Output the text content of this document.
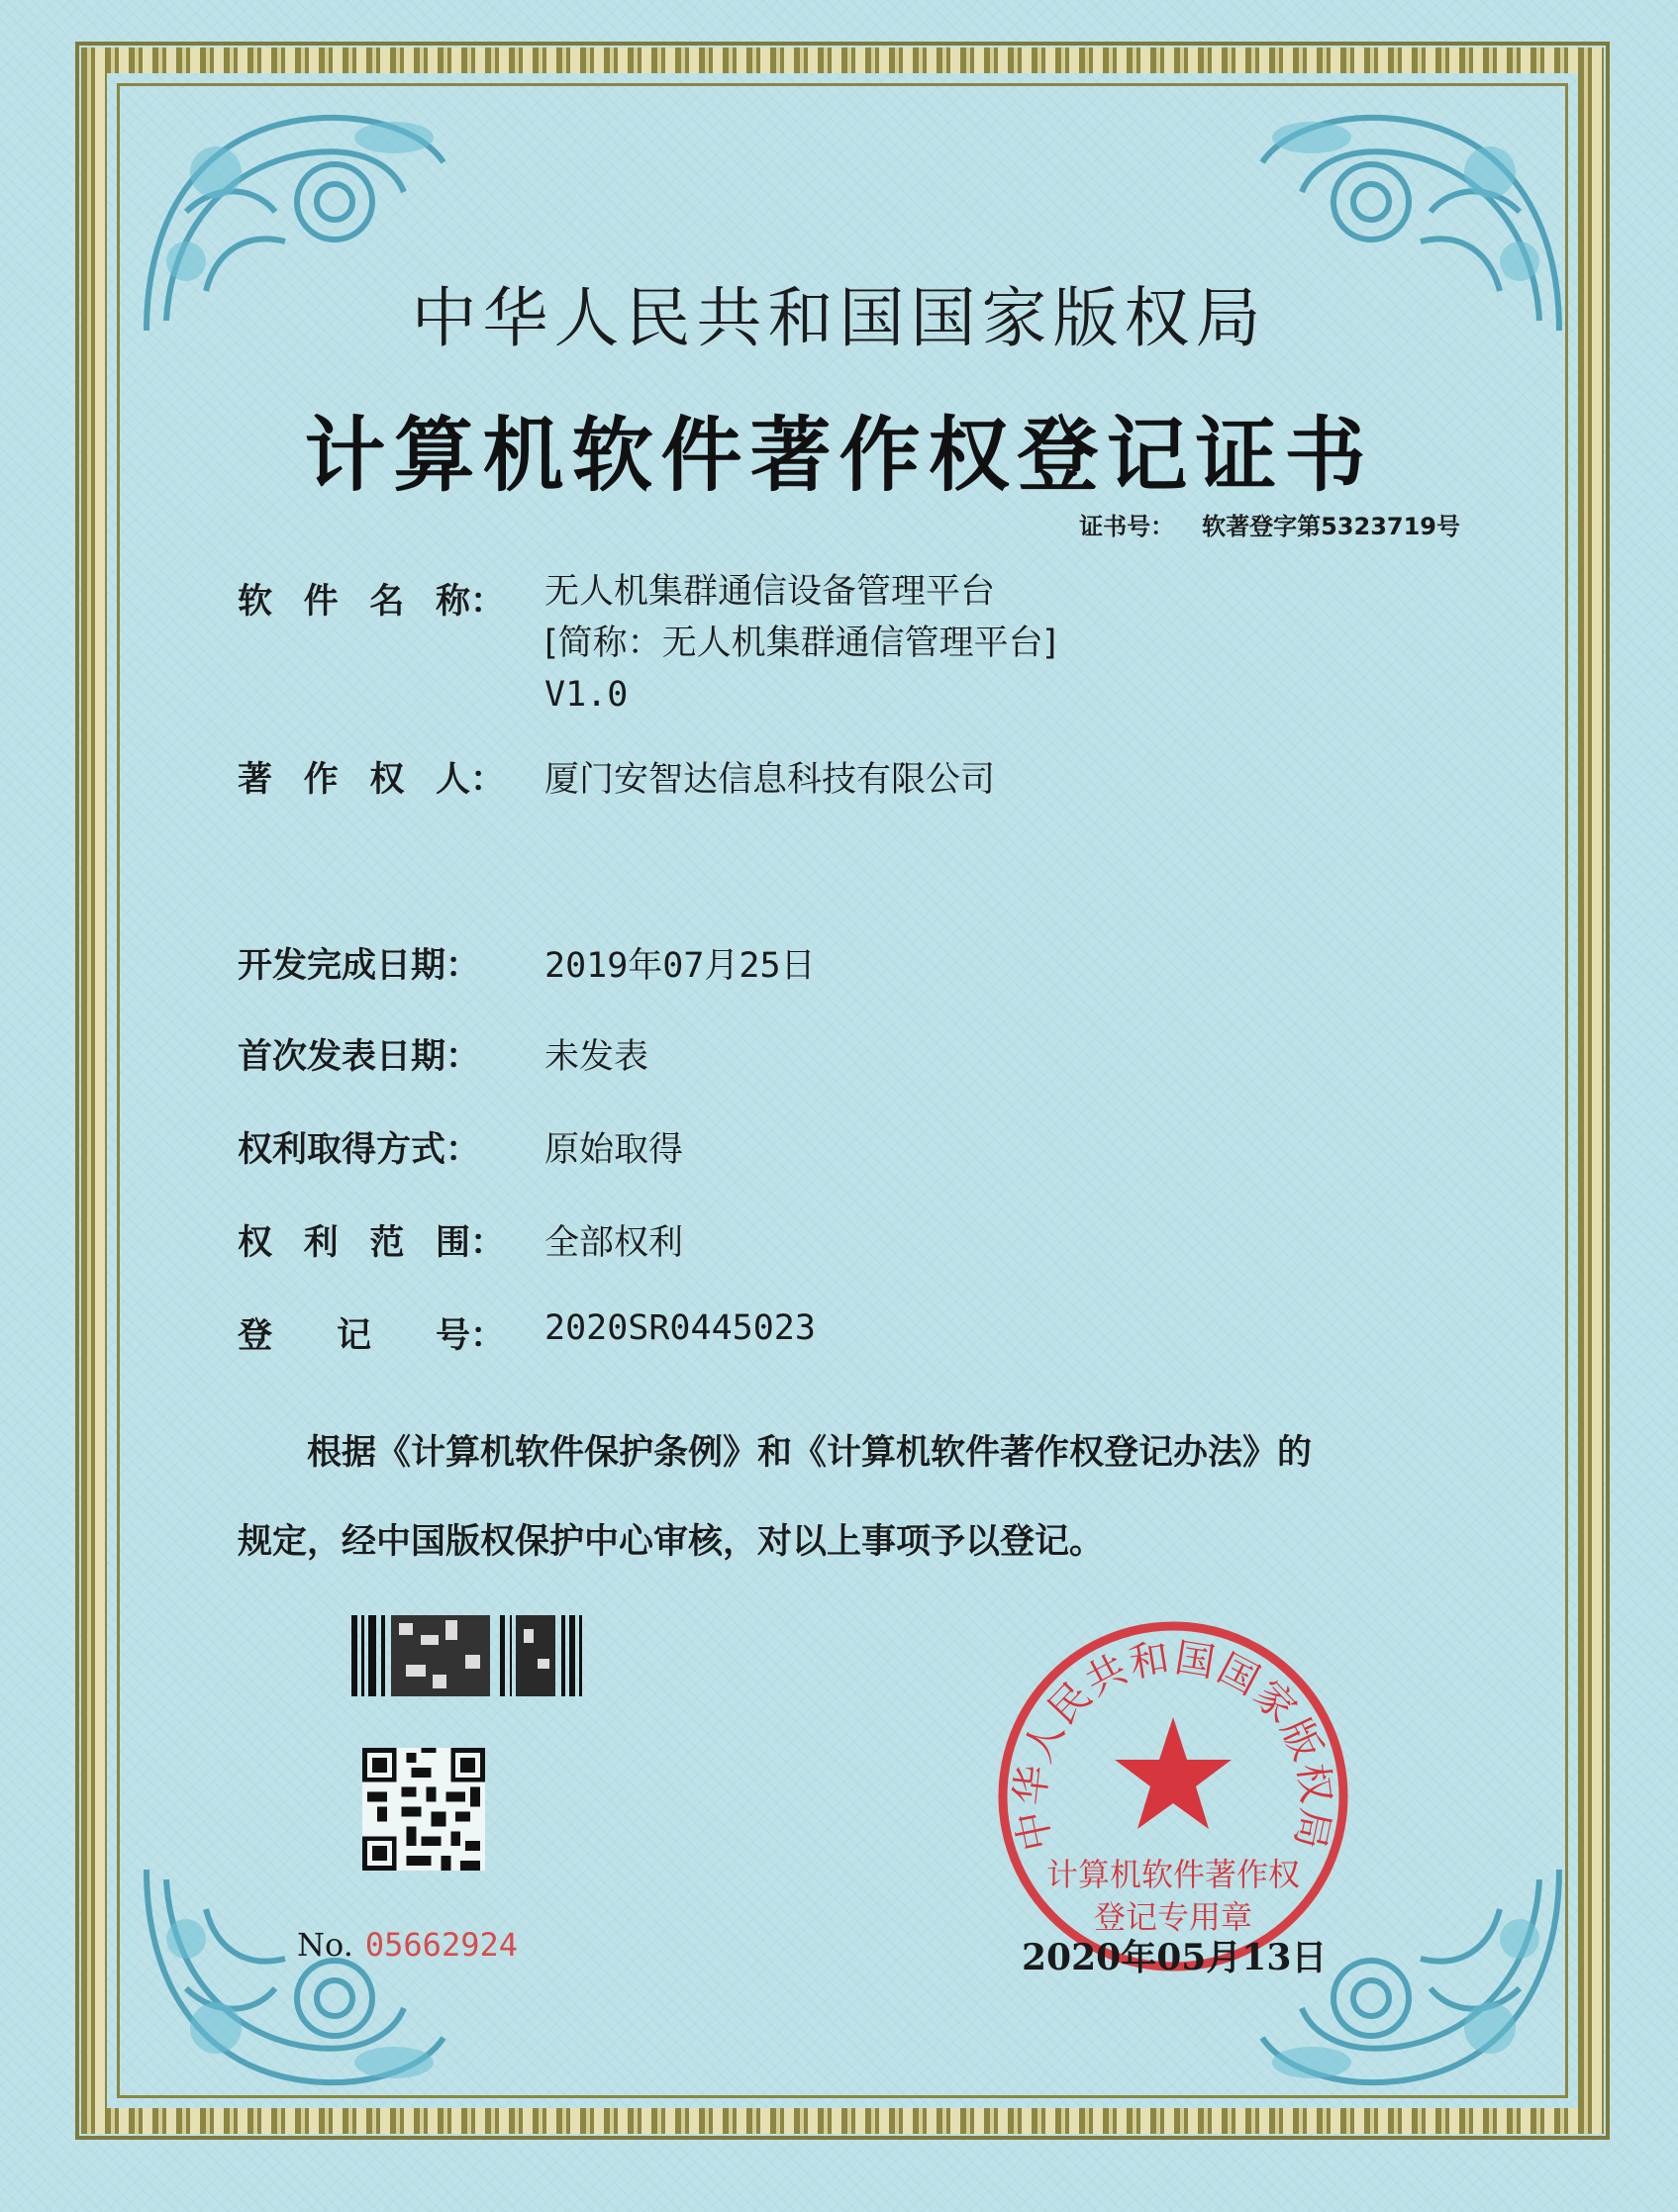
中华人民共和国国家版权局
计算机软件著作权登记证书
证书号： 软著登字第5323719号
软 件 名 称： 无人机集群通信设备管理平台
[简称：无人机集群通信管理平台]
V1.0
著 作 权 人： 厦门安智达信息科技有限公司
开发完成日期： 2019年07月25日
首次发表日期： 未发表
权利取得方式： 原始取得
权 利 范 围： 全部权利
登 记 号： 2020SR0445023
根据《计算机软件保护条例》和《计算机软件著作权登记办法》的
规定，经中国版权保护中心审核，对以上事项予以登记。
No. 05662924
中华人民共和国国家版权局
计算机软件著作权
登记专用章
2020年05月13日
